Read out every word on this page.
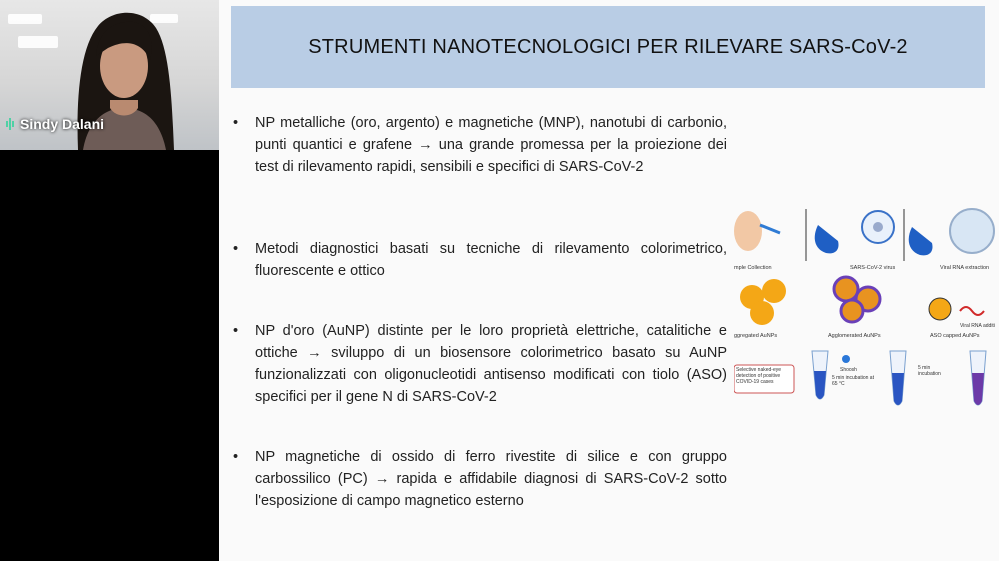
Sindy Dalani
STRUMENTI NANOTECNOLOGICI PER RILEVARE SARS-CoV-2
•	NP metalliche (oro, argento) e magnetiche (MNP), nanotubi di carbonio, punti quantici e grafene → una grande promessa per la proiezione dei test di rilevamento rapidi, sensibili e specifici di SARS-CoV-2
•	Metodi diagnostici basati su tecniche di rilevamento colorimetrico, fluorescente e ottico
•	NP d'oro (AuNP) distinte per le loro proprietà elettriche, catalitiche e ottiche → sviluppo di un biosensore colorimetrico basato su AuNP funzionalizzati con oligonucleotidi antisenso modificati con tiolo (ASO) specifici per il gene N di SARS-CoV-2
•	NP magnetiche di ossido di ferro rivestite di silice e con gruppo carbossilico (PC) → rapida e affidabile diagnosi di SARS-CoV-2 sotto l'esposizione di campo magnetico esterno
mple Collection	SARS-CoV-2 virus	Viral RNA extraction
ggregated AuNPs	Agglomerated AuNPs	ASO capped AuNPs
Viral RNA additi
Selective naked-eye detection of positive COVID-19 cases
Shoosh
5 min incubation at 65 °C
5 min incubation
